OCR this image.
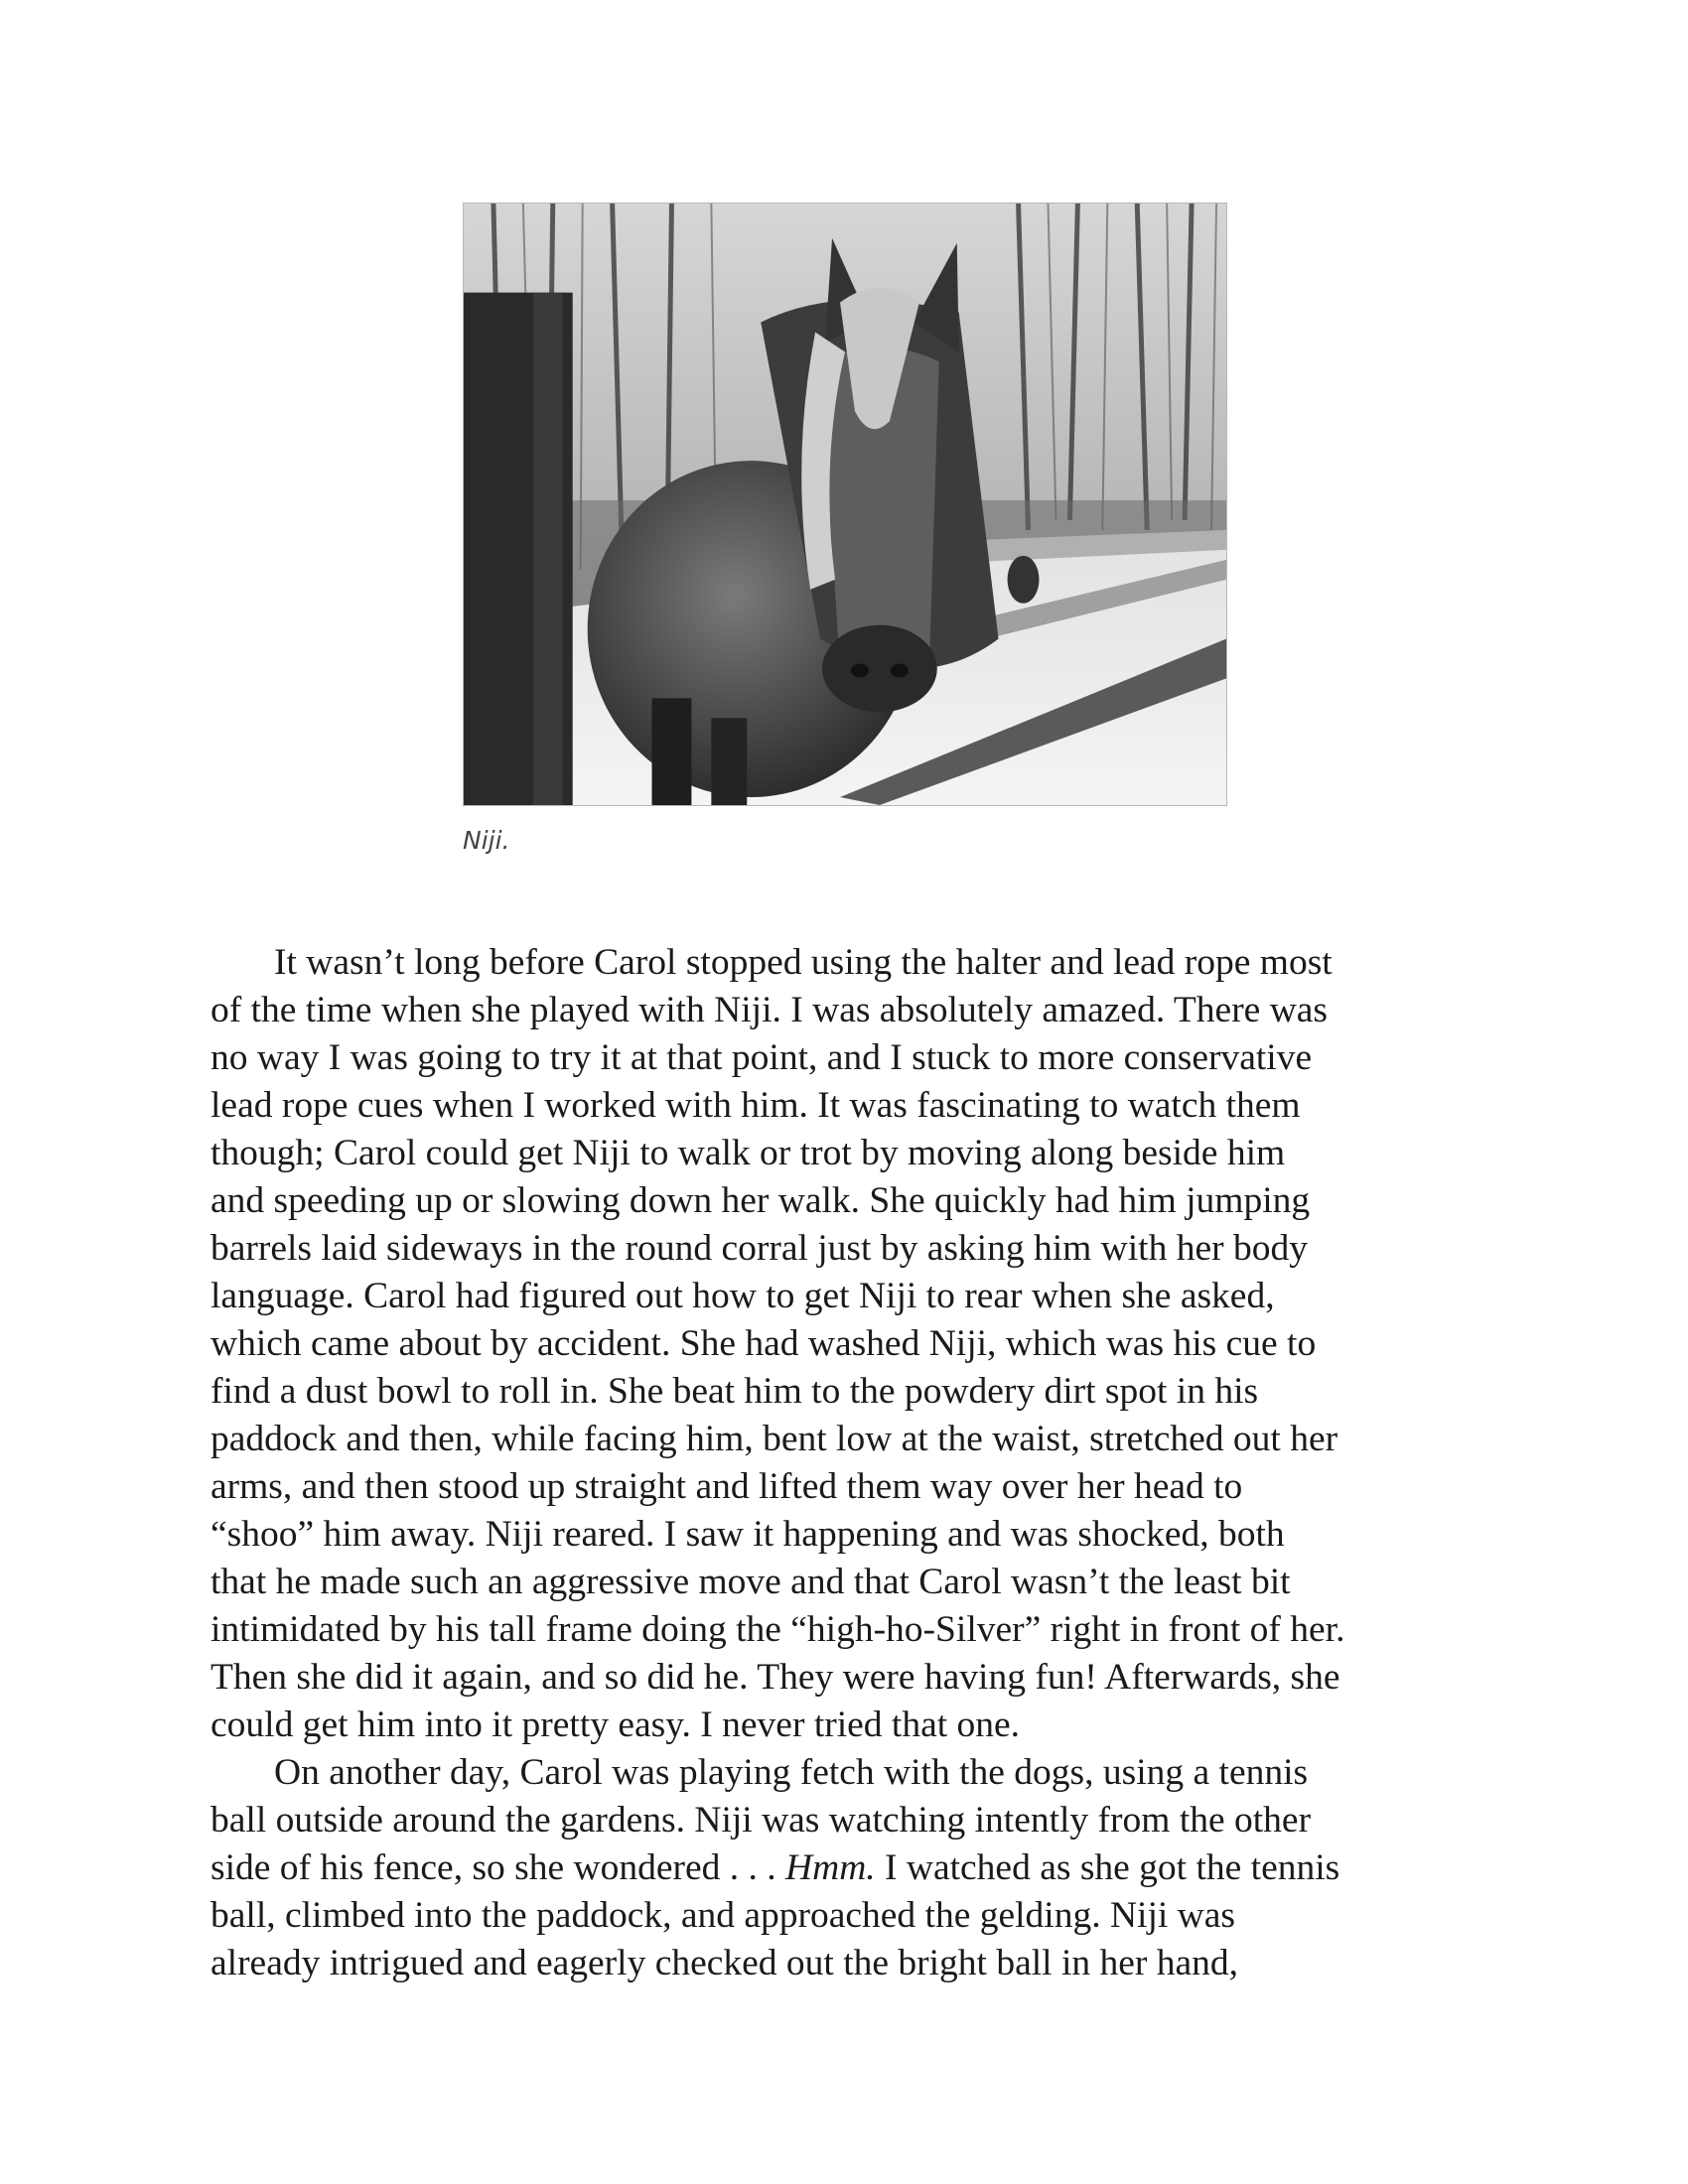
Niji.
It wasn’t long before Carol stopped using the halter and lead rope most
of the time when she played with Niji. I was absolutely amazed. There was
no way I was going to try it at that point, and I stuck to more conservative
lead rope cues when I worked with him. It was fascinating to watch them
though; Carol could get Niji to walk or trot by moving along beside him
and speeding up or slowing down her walk. She quickly had him jumping
barrels laid sideways in the round corral just by asking him with her body
language. Carol had figured out how to get Niji to rear when she asked,
which came about by accident. She had washed Niji, which was his cue to
find a dust bowl to roll in. She beat him to the powdery dirt spot in his
paddock and then, while facing him, bent low at the waist, stretched out her
arms, and then stood up straight and lifted them way over her head to
“shoo” him away. Niji reared. I saw it happening and was shocked, both
that he made such an aggressive move and that Carol wasn’t the least bit
intimidated by his tall frame doing the “high-ho-Silver” right in front of her.
Then she did it again, and so did he. They were having fun! Afterwards, she
could get him into it pretty easy. I never tried that one.
On another day, Carol was playing fetch with the dogs, using a tennis
ball outside around the gardens. Niji was watching intently from the other
side of his fence, so she wondered . . . Hmm. I watched as she got the tennis
ball, climbed into the paddock, and approached the gelding. Niji was
already intrigued and eagerly checked out the bright ball in her hand,
